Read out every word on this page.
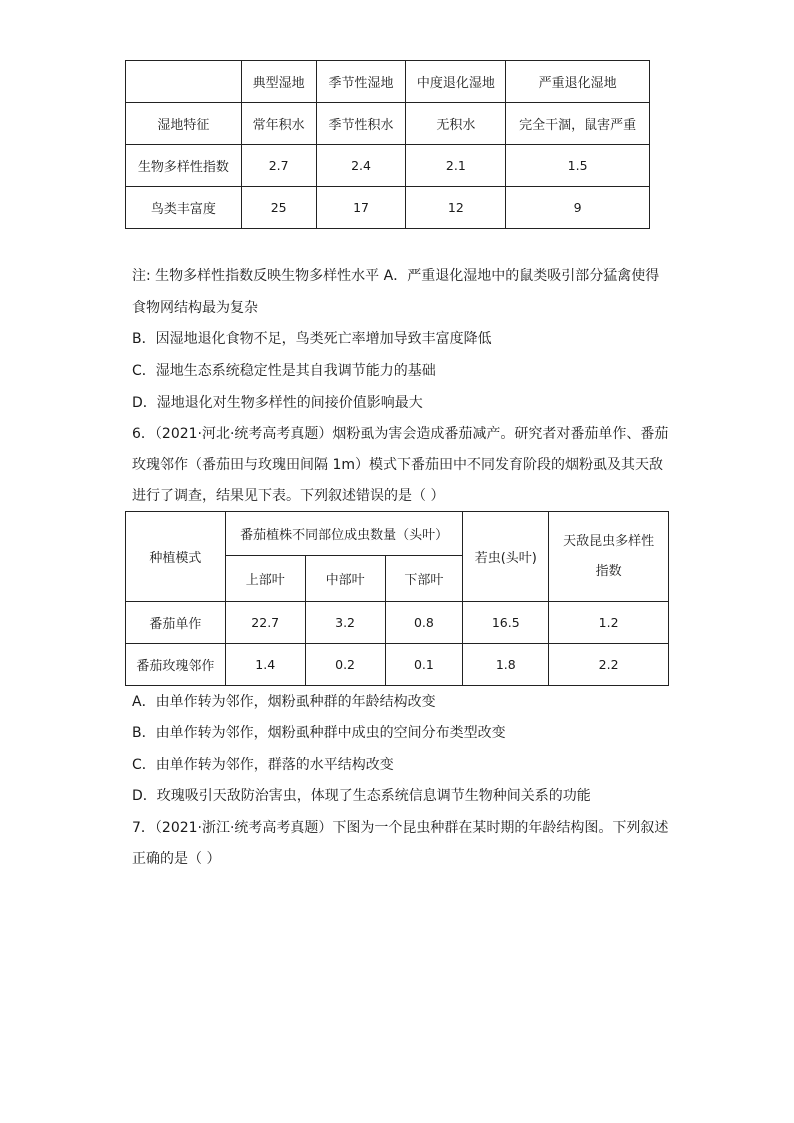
	典型湿地	季节性湿地	中度退化湿地	严重退化湿地
湿地特征	常年积水	季节性积水	无积水	完全干涸，鼠害严重
生物多样性指数	2.7	2.4	2.1	1.5
鸟类丰富度	25	17	12	9
注: 生物多样性指数反映生物多样性水平 A．严重退化湿地中的鼠类吸引部分猛禽使得
食物网结构最为复杂
B．因湿地退化食物不足，鸟类死亡率增加导致丰富度降低
C．湿地生态系统稳定性是其自我调节能力的基础
D．湿地退化对生物多样性的间接价值影响最大
6．（2021·河北·统考高考真题）烟粉虱为害会造成番茄减产。研究者对番茄单作、番茄
玫瑰邻作（番茄田与玫瑰田间隔 1m）模式下番茄田中不同发育阶段的烟粉虱及其天敌
进行了调查，结果见下表。下列叙述错误的是（ ）
种植模式	番茄植株不同部位成虫数量（头叶）			若虫(头叶)	天敌昆虫多样性
指数

	上部叶	中部叶	下部叶		
番茄单作	22.7	3.2	0.8	16.5	1.2
番茄玫瑰邻作	1.4	0.2	0.1	1.8	2.2
A．由单作转为邻作，烟粉虱种群的年龄结构改变
B．由单作转为邻作，烟粉虱种群中成虫的空间分布类型改变
C．由单作转为邻作，群落的水平结构改变
D．玫瑰吸引天敌防治害虫，体现了生态系统信息调节生物种间关系的功能
7．（2021·浙江·统考高考真题）下图为一个昆虫种群在某时期的年龄结构图。下列叙述
正确的是（ ）
